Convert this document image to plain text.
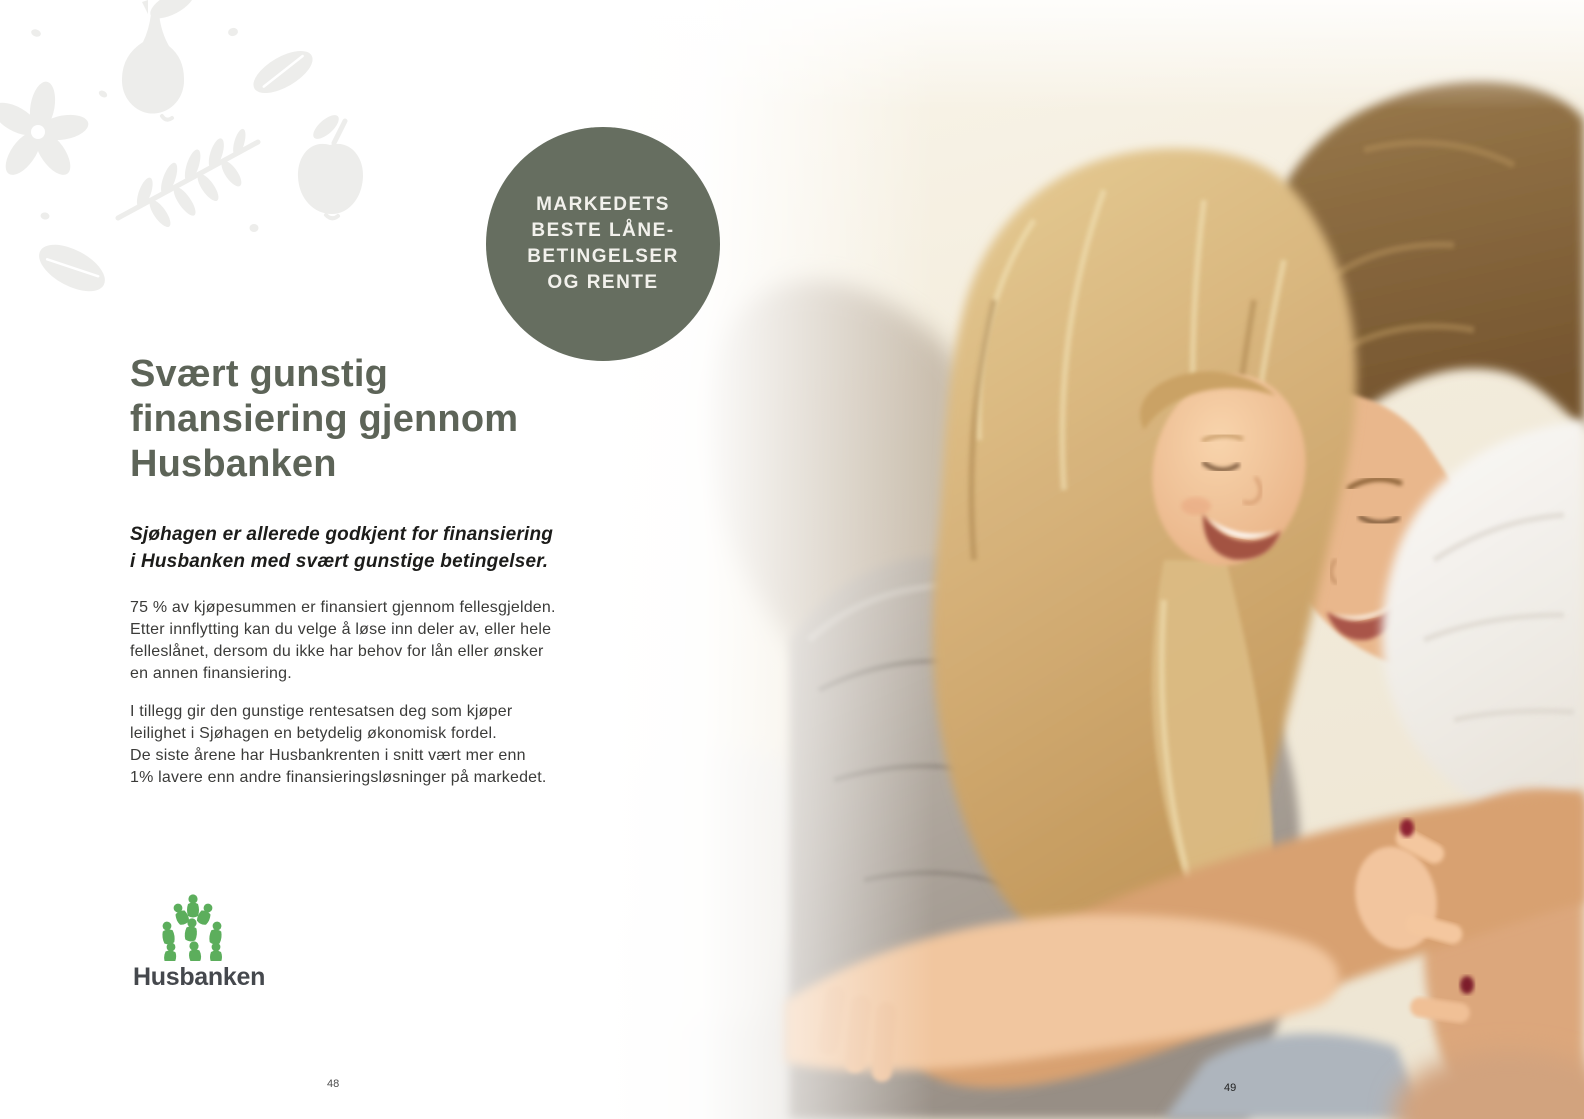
MARKEDETS
BESTE LÅNE-
BETINGELSER
OG RENTE
Svært gunstig
finansiering gjennom
Husbanken
Sjøhagen er allerede godkjent for finansiering
i Husbanken med svært gunstige betingelser.
75 % av kjøpesummen er finansiert gjennom fellesgjelden.
Etter innflytting kan du velge å løse inn deler av, eller hele
felleslånet, dersom du ikke har behov for lån eller ønsker
en annen finansiering.
I tillegg gir den gunstige rentesatsen deg som kjøper
leilighet i Sjøhagen en betydelig økonomisk fordel.
De siste årene har Husbankrenten i snitt vært mer enn
1% lavere enn andre finansieringsløsninger på markedet.
Husbanken
48	49
